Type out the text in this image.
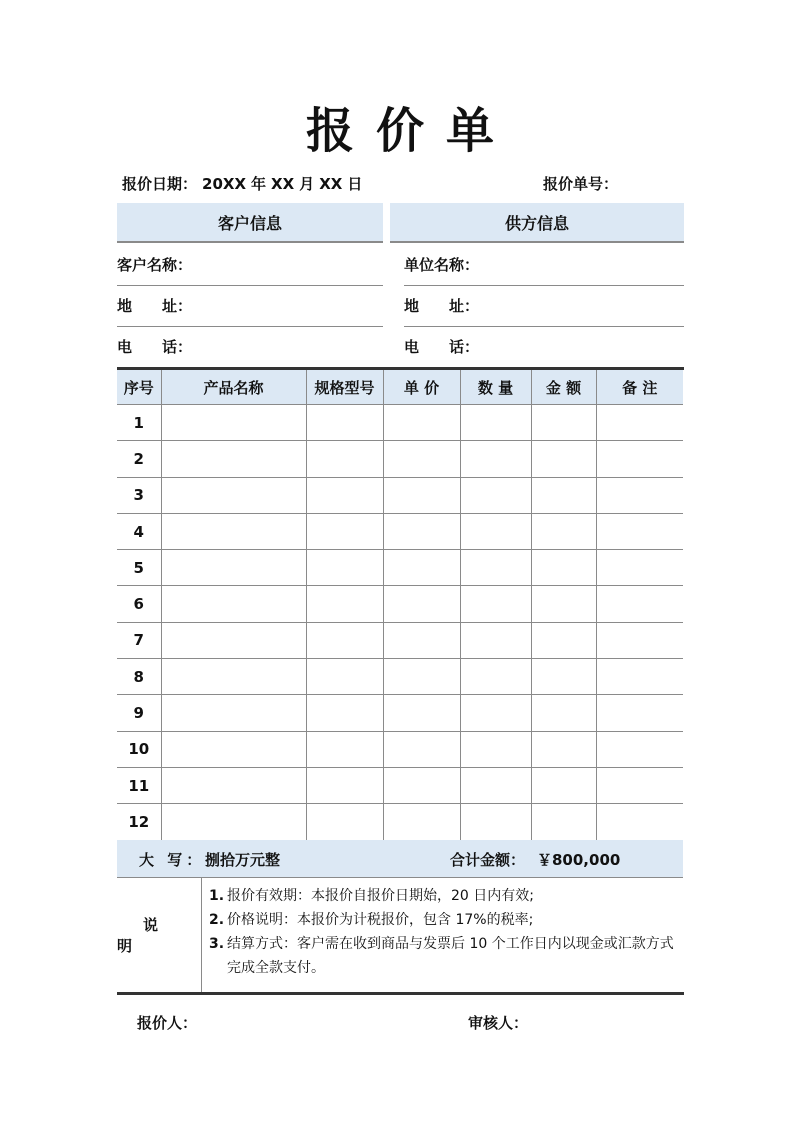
报价单
报价日期： 20XX 年 XX 月 XX 日	报价单号：
客户信息	供方信息
客户名称：
地　　址：
电　　话：
单位名称：
地　　址：
电　　话：
序号	产品名称	规格型号	单 价	数 量	金 额	备 注
1						
2						
3						
4						
5						
6						
7						
8						
9						
10						
11						
12						
大 写： 捌拾万元整	合计金额： ￥800,000
说明
1. 报价有效期：本报价自报价日期始，20 日内有效;
2. 价格说明：本报价为计税报价，包含 17%的税率;
3. 结算方式：客户需在收到商品与发票后 10 个工作日内以现金或汇款方式完成全款支付。
报价人：	审核人：
